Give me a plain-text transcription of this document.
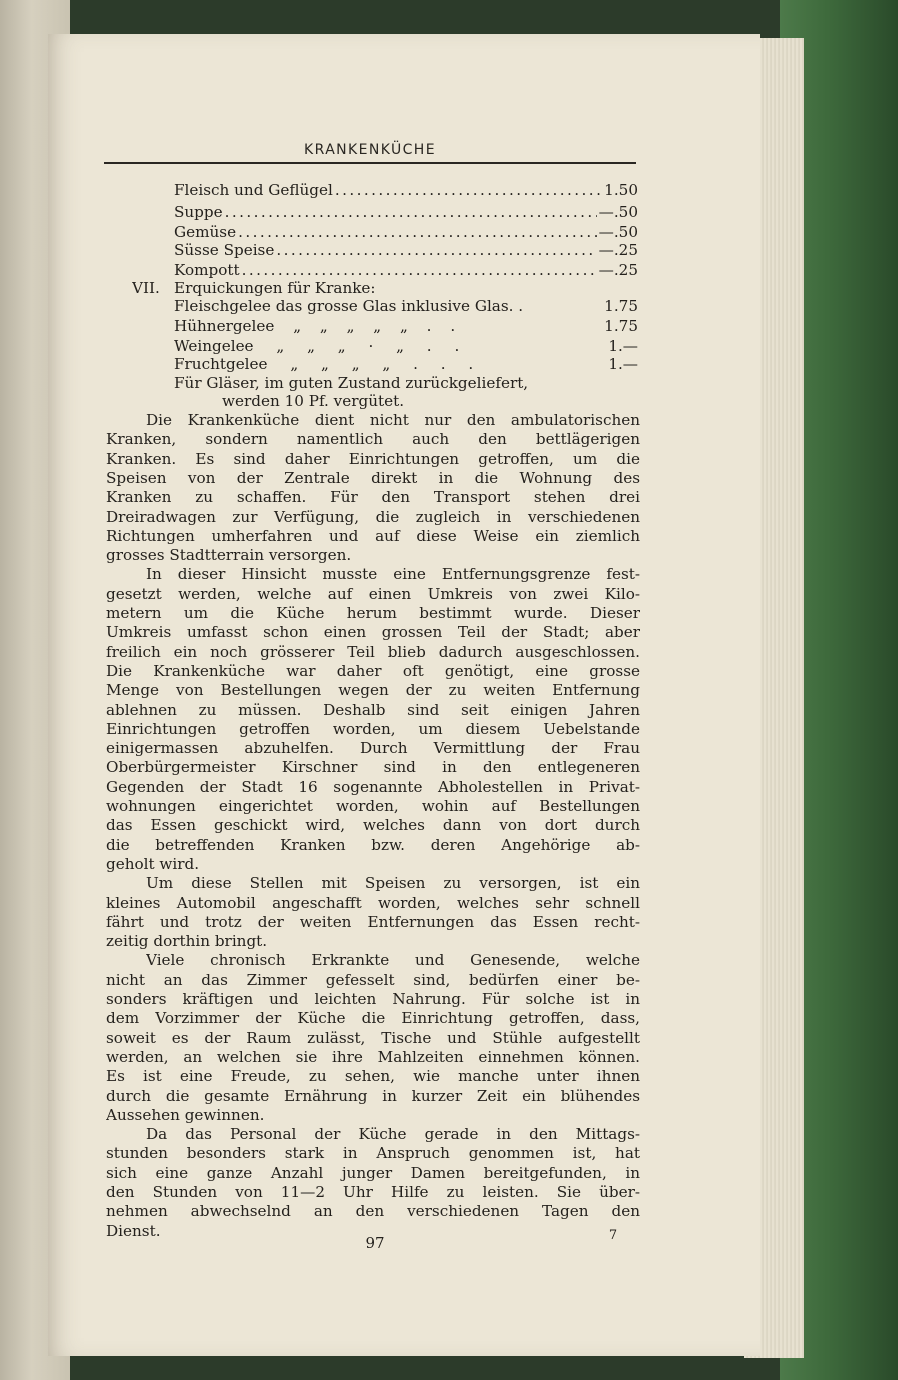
KRANKENKÜCHE
Fleisch und Geflügel . . .	1.50
Suppe . . .	—.50
Gemüse . . .	—.50
Süsse Speise . . .	—.25
Kompott . . .	—.25
VII. Erquickungen für Kranke:
Fleischgelee das grosse Glas inklusive Glas. .	1.75
Hühnergelee „ „ „ „ „ . .	1.75
Weingelee „ „ „ · „ . .	1.—
Fruchtgelee „ „ „ „ . . .	1.—
Für Gläser, im guten Zustand zurückgeliefert,
werden 10 Pf. vergütet.
Die Krankenküche dient nicht nur den ambulatorischen
Kranken, sondern namentlich auch den bettlägerigen
Kranken. Es sind daher Einrichtungen getroffen, um die
Speisen von der Zentrale direkt in die Wohnung des
Kranken zu schaffen. Für den Transport stehen drei
Dreiradwagen zur Verfügung, die zugleich in verschiedenen
Richtungen umherfahren und auf diese Weise ein ziemlich
grosses Stadtterrain versorgen.
In dieser Hinsicht musste eine Entfernungsgrenze fest-
gesetzt werden, welche auf einen Umkreis von zwei Kilo-
metern um die Küche herum bestimmt wurde. Dieser
Umkreis umfasst schon einen grossen Teil der Stadt; aber
freilich ein noch grösserer Teil blieb dadurch ausgeschlossen.
Die Krankenküche war daher oft genötigt, eine grosse
Menge von Bestellungen wegen der zu weiten Entfernung
ablehnen zu müssen. Deshalb sind seit einigen Jahren
Einrichtungen getroffen worden, um diesem Uebelstande
einigermassen abzuhelfen. Durch Vermittlung der Frau
Oberbürgermeister Kirschner sind in den entlegeneren
Gegenden der Stadt 16 sogenannte Abholestellen in Privat-
wohnungen eingerichtet worden, wohin auf Bestellungen
das Essen geschickt wird, welches dann von dort durch
die betreffenden Kranken bzw. deren Angehörige ab-
geholt wird.
Um diese Stellen mit Speisen zu versorgen, ist ein
kleines Automobil angeschafft worden, welches sehr schnell
fährt und trotz der weiten Entfernungen das Essen recht-
zeitig dorthin bringt.
Viele chronisch Erkrankte und Genesende, welche
nicht an das Zimmer gefesselt sind, bedürfen einer be-
sonders kräftigen und leichten Nahrung. Für solche ist in
dem Vorzimmer der Küche die Einrichtung getroffen, dass,
soweit es der Raum zulässt, Tische und Stühle aufgestellt
werden, an welchen sie ihre Mahlzeiten einnehmen können.
Es ist eine Freude, zu sehen, wie manche unter ihnen
durch die gesamte Ernährung in kurzer Zeit ein blühendes
Aussehen gewinnen.
Da das Personal der Küche gerade in den Mittags-
stunden besonders stark in Anspruch genommen ist, hat
sich eine ganze Anzahl junger Damen bereitgefunden, in
den Stunden von 11—2 Uhr Hilfe zu leisten. Sie über-
nehmen abwechselnd an den verschiedenen Tagen den
Dienst.
97	7
